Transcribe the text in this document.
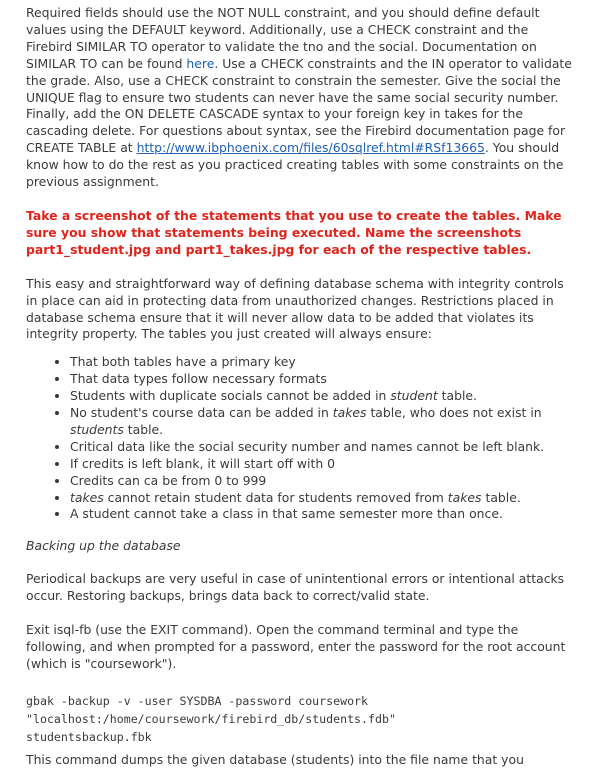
Required fields should use the NOT NULL constraint, and you should define default values using the DEFAULT keyword. Additionally, use a CHECK constraint and the Firebird SIMILAR TO operator to validate the tno and the social. Documentation on SIMILAR TO can be found here. Use a CHECK constraints and the IN operator to validate the grade. Also, use a CHECK constraint to constrain the semester. Give the social the UNIQUE flag to ensure two students can never have the same social security number. Finally, add the ON DELETE CASCADE syntax to your foreign key in takes for the cascading delete. For questions about syntax, see the Firebird documentation page for CREATE TABLE at http://www.ibphoenix.com/files/60sqlref.html#RSf13665. You should know how to do the rest as you practiced creating tables with some constraints on the previous assignment.

Take a screenshot of the statements that you use to create the tables. Make sure you show that statements being executed. Name the screenshots part1_student.jpg and part1_takes.jpg for each of the respective tables.

This easy and straightforward way of defining database schema with integrity controls in place can aid in protecting data from unauthorized changes. Restrictions placed in database schema ensure that it will never allow data to be added that violates its integrity property. The tables you just created will always ensure:

• That both tables have a primary key
• That data types follow necessary formats
• Students with duplicate socials cannot be added in student table.
• No student's course data can be added in takes table, who does not exist in students table.
• Critical data like the social security number and names cannot be left blank.
• If credits is left blank, it will start off with 0
• Credits can ca be from 0 to 999
• takes cannot retain student data for students removed from takes table.
• A student cannot take a class in that same semester more than once.

Backing up the database

Periodical backups are very useful in case of unintentional errors or intentional attacks occur. Restoring backups, brings data back to correct/valid state.

Exit isql-fb (use the EXIT command). Open the command terminal and type the following, and when prompted for a password, enter the password for the root account (which is "coursework").

gbak -backup -v -user SYSDBA -password coursework
"localhost:/home/coursework/firebird_db/students.fdb"
studentsbackup.fbk
This command dumps the given database (students) into the file name that you
